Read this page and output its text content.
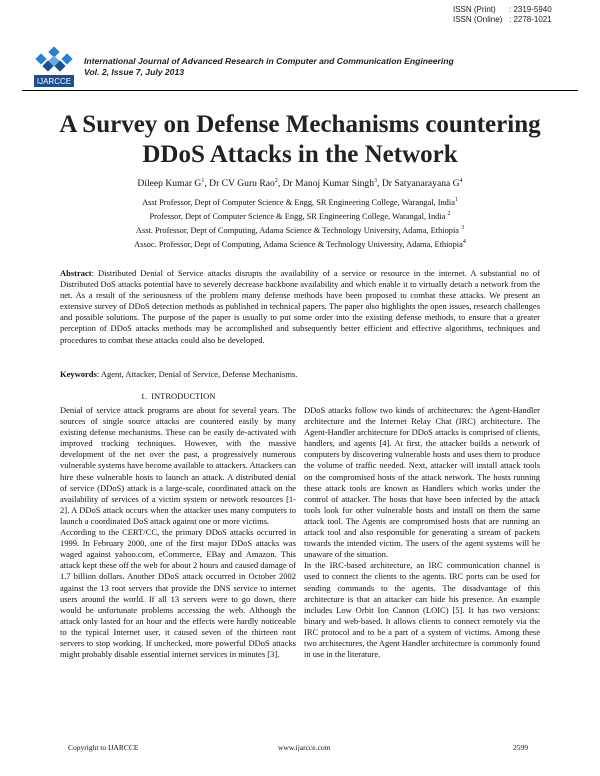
ISSN (Print)	: 2319-5940
ISSN (Online) : 2278-1021
IJARCCE
International Journal of Advanced Research in Computer and Communication Engineering
Vol. 2, Issue 7, July 2013
A Survey on Defense Mechanisms countering
DDoS Attacks in the Network
Dileep Kumar $G^1$, Dr CV Guru Rao$^2$, Dr Manoj Kumar Singh$^3$, Dr Satyanarayana $G^4$
Asst Professor, Dept of Computer Science & Engg, SR Engineering College, Warangal, India$^1$
Professor, Dept of Computer Science & Engg, SR Engineering College, Warangal, India $^2$
Asst. Professor, Dept of Computing, Adama Science & Technology University, Adama, Ethiopia $^3$
Assoc. Professor, Dept of Computing, Adama Science & Technology University, Adama, Ethiopia$^4$
Abstract: Distributed Denial of Service attacks disrupts the availability of a service or resource in the internet. A substantial no of Distributed DoS attacks potential have to severely decrease backbone availability and which enable it to virtually detach a network from the net. As a result of the seriousness of the problem many defense methods have been proposed to combat these attacks. We present an extensive survey of DDoS detection methods as published in technical papers. The paper also highlights the open issues, research challenges and possible solutions. The purpose of the paper is usually to put some order into the existing defense methods, to ensure that a greater perception of DDoS attacks methods may be accomplished and subsequently better efficient and effective algorithms, techniques and procedures to combat these attacks could also be developed.
Keywords: Agent, Attacker, Denial of Service, Defense Mechanisms.
1. INTRODUCTION

Denial of service attack programs are about for several years. The sources of single source attacks are countered easily by many existing defense mechanisms. These can be easily de-activated with improved tracking techniques. However, with the massive development of the net over the past, a progressively numerous vulnerable systems have become available to attackers. Attackers can hire these vulnerable hosts to launch an attack. A distributed denial of service (DDoS) attack is a large-scale, coordinated attack on the availability of services of a victim system or network resources [1-2]. A DDoS attack occurs when the attacker uses many computers to launch a coordinated DoS attack against one or more victims.

According to the CERT/CC, the primary DDoS attacks occurred in 1999. In February 2000, one of the first major DDoS attacks was waged against yahoo.com, eCommerce, EBay and Amazon. This attack kept these off the web for about 2 hours and caused damage of 1.7 billion dollars. Another DDoS attack occurred in October 2002 against the 13 root servers that provide the DNS service to internet users around the world. If all 13 servers were to go down, there would be unfortunate problems accessing the web. Although the attack only lasted for an hour and the effects were hardly noticeable to the typical Internet user, it caused seven of the thirteen root servers to stop working. If unchecked, more powerful DDoS attacks might probably disable essential internet services in minutes [3].

DDoS attacks follow two kinds of architectures: the Agent-Handler architecture and the Internet Relay Chat (IRC) architecture. The Agent-Handler architecture for DDoS attacks is comprised of clients, handlers, and agents [4]. At first, the attacker builds a network of computers by discovering vulnerable hosts and uses them to produce the volume of traffic needed. Next, attacker will install attack tools on the compromised hosts of the attack network. The hosts running these attack tools are known as Handlers which works under the control of attacker. The hosts that have been infected by the attack tools look for other vulnerable hosts and install on them the same attack tool. The Agents are compromised hosts that are running an attack tool and also responsible for generating a stream of packets towards the intended victim. The users of the agent systems will be unaware of the situation.

In the IRC-based architecture, an IRC communication channel is used to connect the clients to the agents. IRC ports can be used for sending commands to the agents. The disadvantage of this architecture is that an attacker can hide his presence. An example includes Low Orbit Ion Cannon (LOIC) [5]. It has two versions: binary and web-based. It allows clients to connect remotely via the IRC protocol and to be a part of a system of victims. Among these two architectures, the Agent Handler architecture is commonly found in use in the literature.

Copyright to IJARCCE	www.ijarcce.com	2599
